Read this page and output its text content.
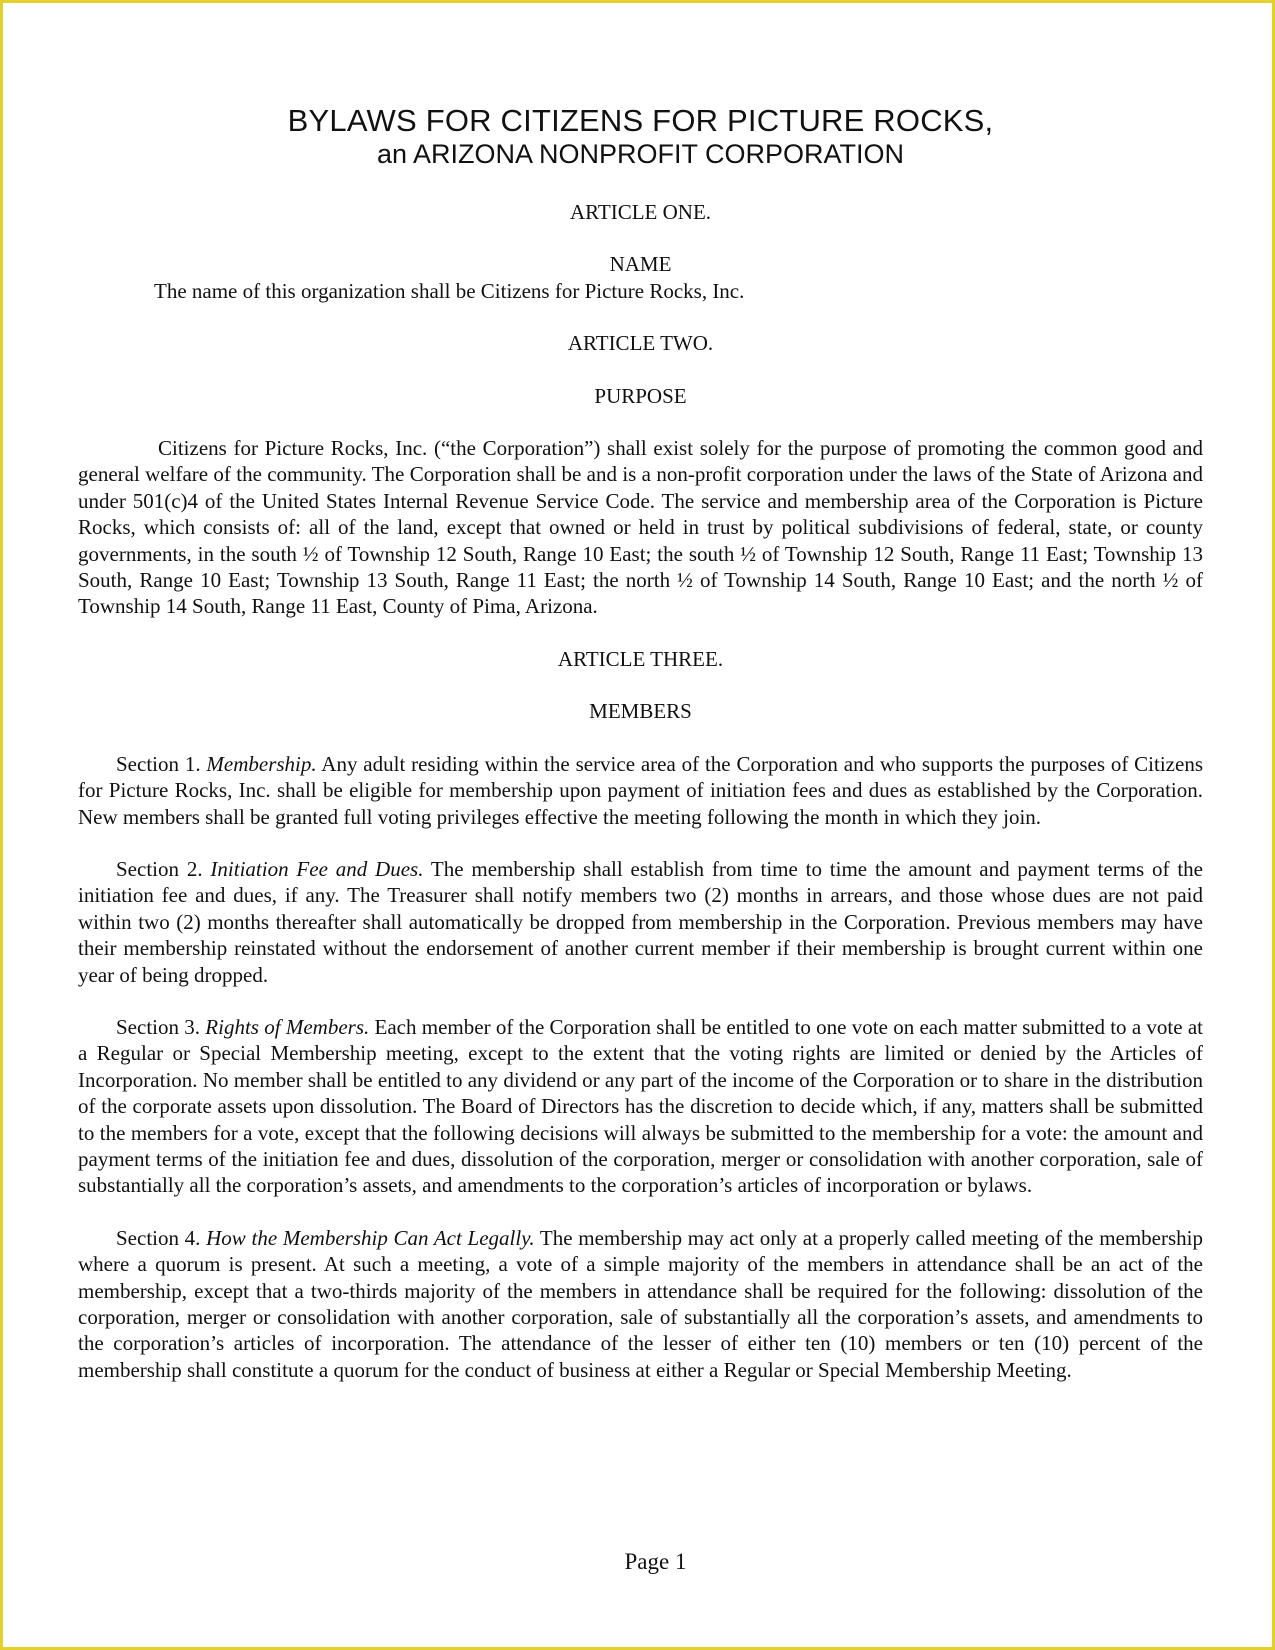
BYLAWS FOR CITIZENS FOR PICTURE ROCKS,
an ARIZONA NONPROFIT CORPORATION

ARTICLE ONE.

NAME

The name of this organization shall be Citizens for Picture Rocks, Inc.

ARTICLE TWO.

PURPOSE

Citizens for Picture Rocks, Inc. (“the Corporation”) shall exist solely for the purpose of promoting the common good and general welfare of the community. The Corporation shall be and is a non-profit corporation under the laws of the State of Arizona and under 501(c)4 of the United States Internal Revenue Service Code. The service and membership area of the Corporation is Picture Rocks, which consists of: all of the land, except that owned or held in trust by political subdivisions of federal, state, or county governments, in the south ½ of Township 12 South, Range 10 East; the south ½ of Township 12 South, Range 11 East; Township 13 South, Range 10 East; Township 13 South, Range 11 East; the north ½ of Township 14 South, Range 10 East; and the north ½ of Township 14 South, Range 11 East, County of Pima, Arizona.

ARTICLE THREE.

MEMBERS

Section 1. Membership. Any adult residing within the service area of the Corporation and who supports the purposes of Citizens for Picture Rocks, Inc. shall be eligible for membership upon payment of initiation fees and dues as established by the Corporation. New members shall be granted full voting privileges effective the meeting following the month in which they join.

Section 2. Initiation Fee and Dues. The membership shall establish from time to time the amount and payment terms of the initiation fee and dues, if any. The Treasurer shall notify members two (2) months in arrears, and those whose dues are not paid within two (2) months thereafter shall automatically be dropped from membership in the Corporation. Previous members may have their membership reinstated without the endorsement of another current member if their membership is brought current within one year of being dropped.

Section 3. Rights of Members. Each member of the Corporation shall be entitled to one vote on each matter submitted to a vote at a Regular or Special Membership meeting, except to the extent that the voting rights are limited or denied by the Articles of Incorporation. No member shall be entitled to any dividend or any part of the income of the Corporation or to share in the distribution of the corporate assets upon dissolution. The Board of Directors has the discretion to decide which, if any, matters shall be submitted to the members for a vote, except that the following decisions will always be submitted to the membership for a vote: the amount and payment terms of the initiation fee and dues, dissolution of the corporation, merger or consolidation with another corporation, sale of substantially all the corporation’s assets, and amendments to the corporation’s articles of incorporation or bylaws.

Section 4. How the Membership Can Act Legally. The membership may act only at a properly called meeting of the membership where a quorum is present. At such a meeting, a vote of a simple majority of the members in attendance shall be an act of the membership, except that a two-thirds majority of the members in attendance shall be required for the following: dissolution of the corporation, merger or consolidation with another corporation, sale of substantially all the corporation’s assets, and amendments to the corporation’s articles of incorporation. The attendance of the lesser of either ten (10) members or ten (10) percent of the membership shall constitute a quorum for the conduct of business at either a Regular or Special Membership Meeting.

Page 1
